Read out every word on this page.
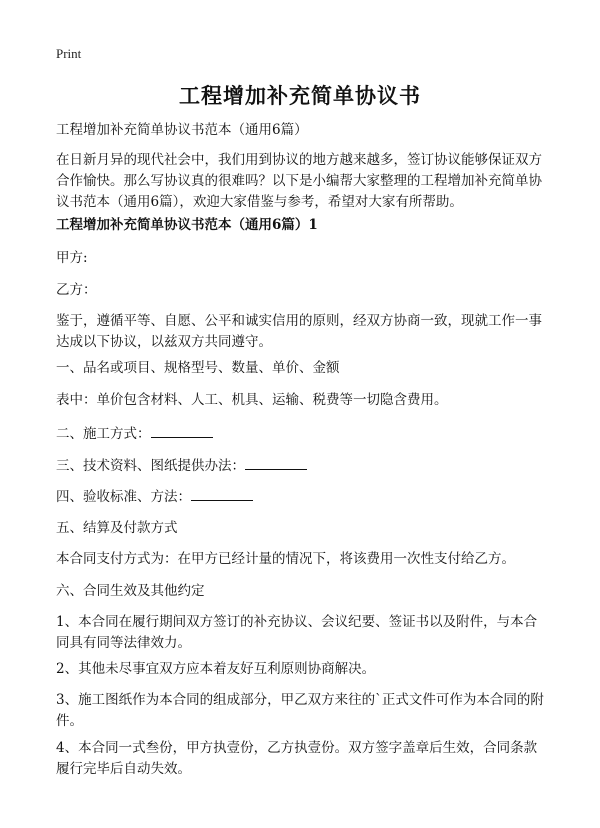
Print
工程增加补充简单协议书

工程增加补充简单协议书范本（通用6篇）

在日新月异的现代社会中，我们用到协议的地方越来越多，签订协议能够保证双方合作愉快。那么写协议真的很难吗？以下是小编帮大家整理的工程增加补充简单协议书范本（通用6篇），欢迎大家借鉴与参考，希望对大家有所帮助。

工程增加补充简单协议书范本（通用6篇）1

甲方:

乙方：

鉴于，遵循平等、自愿、公平和诚实信用的原则，经双方协商一致，现就工作一事达成以下协议，以兹双方共同遵守。

一、品名或项目、规格型号、数量、单价、金额

表中：单价包含材料、人工、机具、运输、税费等一切隐含费用。

二、施工方式：

三、技术资料、图纸提供办法：

四、验收标准、方法：

五、结算及付款方式

本合同支付方式为：在甲方已经计量的情况下，将该费用一次性支付给乙方。

六、合同生效及其他约定

1、本合同在履行期间双方签订的补充协议、会议纪要、签证书以及附件，与本合同具有同等法律效力。

2、其他未尽事宜双方应本着友好互利原则协商解决。

3、施工图纸作为本合同的组成部分，甲乙双方来往的`正式文件可作为本合同的附件。

4、本合同一式叁份，甲方执壹份，乙方执壹份。双方签字盖章后生效，合同条款履行完毕后自动失效。
